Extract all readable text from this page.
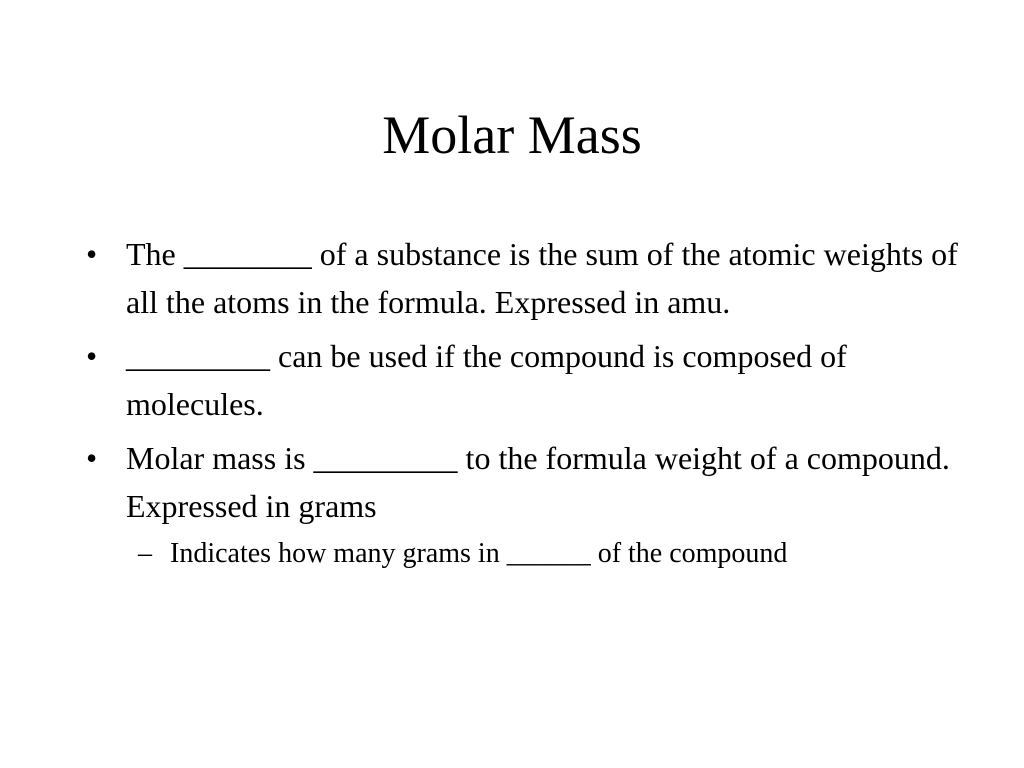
Molar Mass
• The ________ of a substance is the sum of the atomic weights of all the atoms in the formula. Expressed in amu.
• _________ can be used if the compound is composed of molecules.
• Molar mass is _________ to the formula weight of a compound. Expressed in grams
– Indicates how many grams in ______ of the compound
